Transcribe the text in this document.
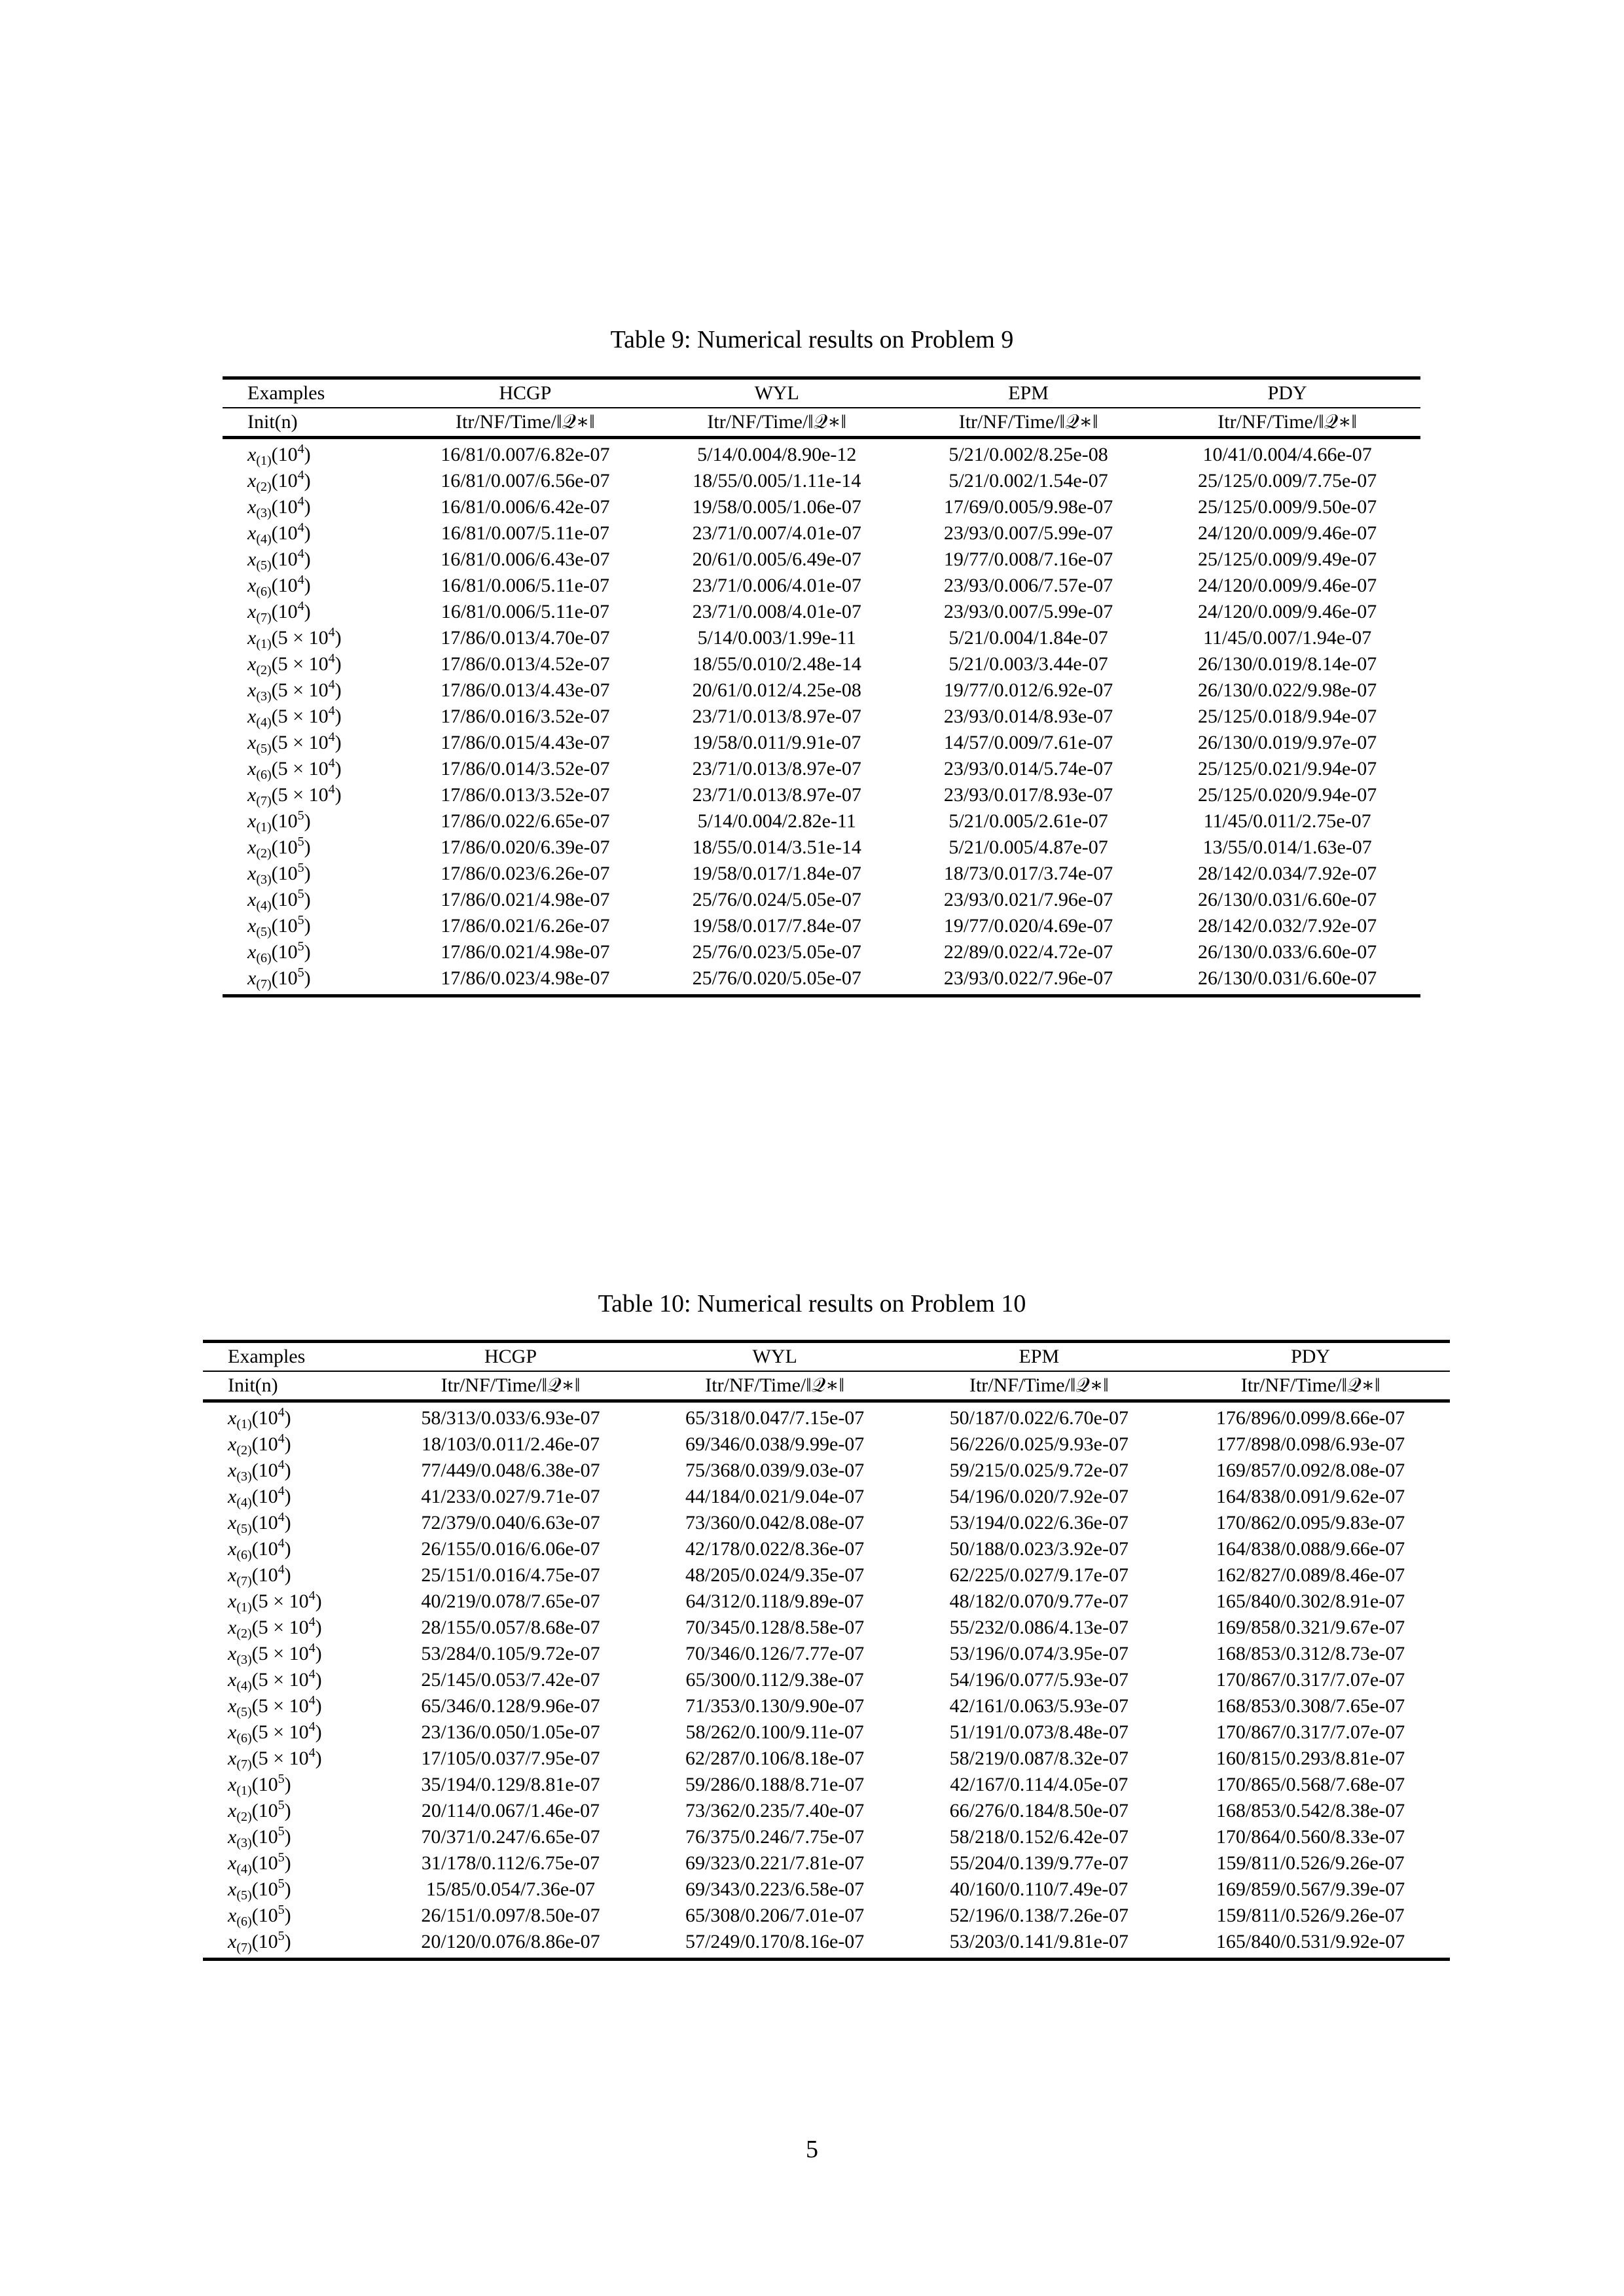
Table 9: Numerical results on Problem 9
Examples	HCGP	WYL	EPM	PDY
Init(n)	Itr/NF/Time/‖𝒬∗‖	Itr/NF/Time/‖𝒬∗‖	Itr/NF/Time/‖𝒬∗‖	Itr/NF/Time/‖𝒬∗‖
$x_{(1)}(10^4)$	16/81/0.007/6.82e-07	5/14/0.004/8.90e-12	5/21/0.002/8.25e-08	10/41/0.004/4.66e-07
$x_{(2)}(10^4)$	16/81/0.007/6.56e-07	18/55/0.005/1.11e-14	5/21/0.002/1.54e-07	25/125/0.009/7.75e-07
$x_{(3)}(10^4)$	16/81/0.006/6.42e-07	19/58/0.005/1.06e-07	17/69/0.005/9.98e-07	25/125/0.009/9.50e-07
$x_{(4)}(10^4)$	16/81/0.007/5.11e-07	23/71/0.007/4.01e-07	23/93/0.007/5.99e-07	24/120/0.009/9.46e-07
$x_{(5)}(10^4)$	16/81/0.006/6.43e-07	20/61/0.005/6.49e-07	19/77/0.008/7.16e-07	25/125/0.009/9.49e-07
$x_{(6)}(10^4)$	16/81/0.006/5.11e-07	23/71/0.006/4.01e-07	23/93/0.006/7.57e-07	24/120/0.009/9.46e-07
$x_{(7)}(10^4)$	16/81/0.006/5.11e-07	23/71/0.008/4.01e-07	23/93/0.007/5.99e-07	24/120/0.009/9.46e-07
$x_{(1)}(5 \times 10^4)$	17/86/0.013/4.70e-07	5/14/0.003/1.99e-11	5/21/0.004/1.84e-07	11/45/0.007/1.94e-07
$x_{(2)}(5 \times 10^4)$	17/86/0.013/4.52e-07	18/55/0.010/2.48e-14	5/21/0.003/3.44e-07	26/130/0.019/8.14e-07
$x_{(3)}(5 \times 10^4)$	17/86/0.013/4.43e-07	20/61/0.012/4.25e-08	19/77/0.012/6.92e-07	26/130/0.022/9.98e-07
$x_{(4)}(5 \times 10^4)$	17/86/0.016/3.52e-07	23/71/0.013/8.97e-07	23/93/0.014/8.93e-07	25/125/0.018/9.94e-07
$x_{(5)}(5 \times 10^4)$	17/86/0.015/4.43e-07	19/58/0.011/9.91e-07	14/57/0.009/7.61e-07	26/130/0.019/9.97e-07
$x_{(6)}(5 \times 10^4)$	17/86/0.014/3.52e-07	23/71/0.013/8.97e-07	23/93/0.014/5.74e-07	25/125/0.021/9.94e-07
$x_{(7)}(5 \times 10^4)$	17/86/0.013/3.52e-07	23/71/0.013/8.97e-07	23/93/0.017/8.93e-07	25/125/0.020/9.94e-07
$x_{(1)}(10^5)$	17/86/0.022/6.65e-07	5/14/0.004/2.82e-11	5/21/0.005/2.61e-07	11/45/0.011/2.75e-07
$x_{(2)}(10^5)$	17/86/0.020/6.39e-07	18/55/0.014/3.51e-14	5/21/0.005/4.87e-07	13/55/0.014/1.63e-07
$x_{(3)}(10^5)$	17/86/0.023/6.26e-07	19/58/0.017/1.84e-07	18/73/0.017/3.74e-07	28/142/0.034/7.92e-07
$x_{(4)}(10^5)$	17/86/0.021/4.98e-07	25/76/0.024/5.05e-07	23/93/0.021/7.96e-07	26/130/0.031/6.60e-07
$x_{(5)}(10^5)$	17/86/0.021/6.26e-07	19/58/0.017/7.84e-07	19/77/0.020/4.69e-07	28/142/0.032/7.92e-07
$x_{(6)}(10^5)$	17/86/0.021/4.98e-07	25/76/0.023/5.05e-07	22/89/0.022/4.72e-07	26/130/0.033/6.60e-07
$x_{(7)}(10^5)$	17/86/0.023/4.98e-07	25/76/0.020/5.05e-07	23/93/0.022/7.96e-07	26/130/0.031/6.60e-07
Table 10: Numerical results on Problem 10
Examples	HCGP	WYL	EPM	PDY
Init(n)	Itr/NF/Time/‖𝒬∗‖	Itr/NF/Time/‖𝒬∗‖	Itr/NF/Time/‖𝒬∗‖	Itr/NF/Time/‖𝒬∗‖
$x_{(1)}(10^4)$	58/313/0.033/6.93e-07	65/318/0.047/7.15e-07	50/187/0.022/6.70e-07	176/896/0.099/8.66e-07
$x_{(2)}(10^4)$	18/103/0.011/2.46e-07	69/346/0.038/9.99e-07	56/226/0.025/9.93e-07	177/898/0.098/6.93e-07
$x_{(3)}(10^4)$	77/449/0.048/6.38e-07	75/368/0.039/9.03e-07	59/215/0.025/9.72e-07	169/857/0.092/8.08e-07
$x_{(4)}(10^4)$	41/233/0.027/9.71e-07	44/184/0.021/9.04e-07	54/196/0.020/7.92e-07	164/838/0.091/9.62e-07
$x_{(5)}(10^4)$	72/379/0.040/6.63e-07	73/360/0.042/8.08e-07	53/194/0.022/6.36e-07	170/862/0.095/9.83e-07
$x_{(6)}(10^4)$	26/155/0.016/6.06e-07	42/178/0.022/8.36e-07	50/188/0.023/3.92e-07	164/838/0.088/9.66e-07
$x_{(7)}(10^4)$	25/151/0.016/4.75e-07	48/205/0.024/9.35e-07	62/225/0.027/9.17e-07	162/827/0.089/8.46e-07
$x_{(1)}(5 \times 10^4)$	40/219/0.078/7.65e-07	64/312/0.118/9.89e-07	48/182/0.070/9.77e-07	165/840/0.302/8.91e-07
$x_{(2)}(5 \times 10^4)$	28/155/0.057/8.68e-07	70/345/0.128/8.58e-07	55/232/0.086/4.13e-07	169/858/0.321/9.67e-07
$x_{(3)}(5 \times 10^4)$	53/284/0.105/9.72e-07	70/346/0.126/7.77e-07	53/196/0.074/3.95e-07	168/853/0.312/8.73e-07
$x_{(4)}(5 \times 10^4)$	25/145/0.053/7.42e-07	65/300/0.112/9.38e-07	54/196/0.077/5.93e-07	170/867/0.317/7.07e-07
$x_{(5)}(5 \times 10^4)$	65/346/0.128/9.96e-07	71/353/0.130/9.90e-07	42/161/0.063/5.93e-07	168/853/0.308/7.65e-07
$x_{(6)}(5 \times 10^4)$	23/136/0.050/1.05e-07	58/262/0.100/9.11e-07	51/191/0.073/8.48e-07	170/867/0.317/7.07e-07
$x_{(7)}(5 \times 10^4)$	17/105/0.037/7.95e-07	62/287/0.106/8.18e-07	58/219/0.087/8.32e-07	160/815/0.293/8.81e-07
$x_{(1)}(10^5)$	35/194/0.129/8.81e-07	59/286/0.188/8.71e-07	42/167/0.114/4.05e-07	170/865/0.568/7.68e-07
$x_{(2)}(10^5)$	20/114/0.067/1.46e-07	73/362/0.235/7.40e-07	66/276/0.184/8.50e-07	168/853/0.542/8.38e-07
$x_{(3)}(10^5)$	70/371/0.247/6.65e-07	76/375/0.246/7.75e-07	58/218/0.152/6.42e-07	170/864/0.560/8.33e-07
$x_{(4)}(10^5)$	31/178/0.112/6.75e-07	69/323/0.221/7.81e-07	55/204/0.139/9.77e-07	159/811/0.526/9.26e-07
$x_{(5)}(10^5)$	15/85/0.054/7.36e-07	69/343/0.223/6.58e-07	40/160/0.110/7.49e-07	169/859/0.567/9.39e-07
$x_{(6)}(10^5)$	26/151/0.097/8.50e-07	65/308/0.206/7.01e-07	52/196/0.138/7.26e-07	159/811/0.526/9.26e-07
$x_{(7)}(10^5)$	20/120/0.076/8.86e-07	57/249/0.170/8.16e-07	53/203/0.141/9.81e-07	165/840/0.531/9.92e-07
5
